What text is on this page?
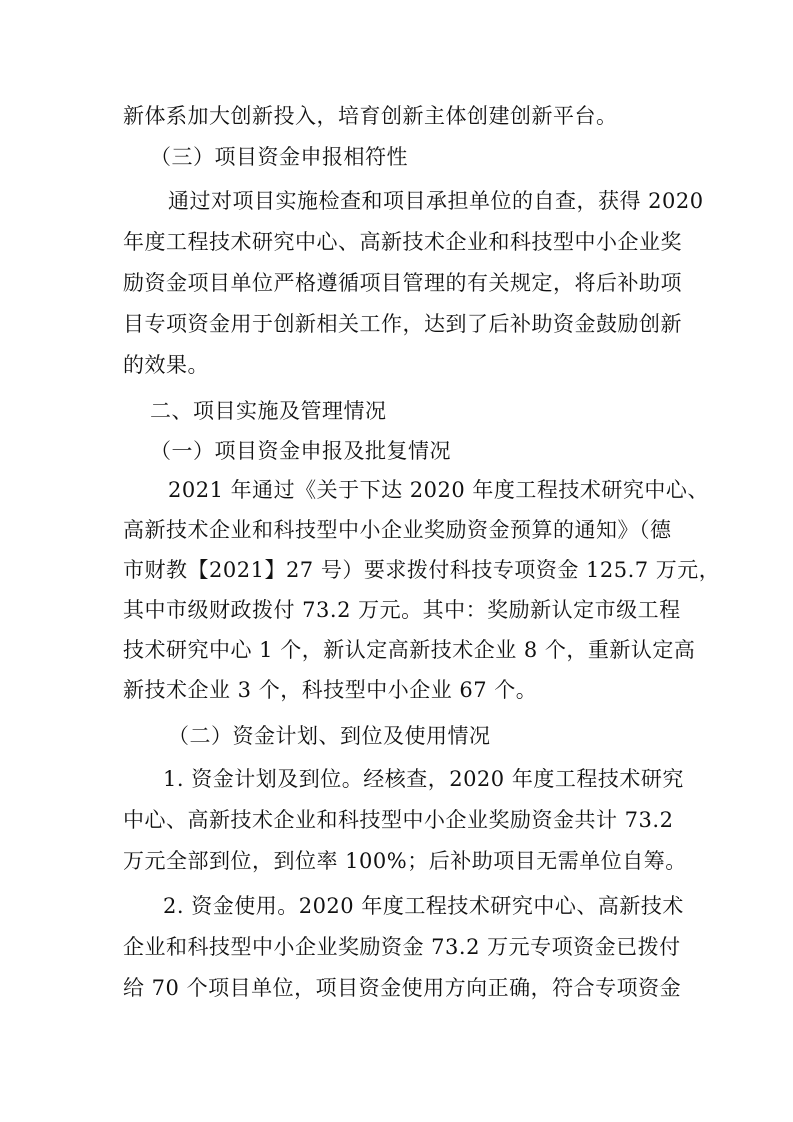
新体系加大创新投入，培育创新主体创建创新平台。
（三）项目资金申报相符性
通过对项目实施检查和项目承担单位的自查，获得 2020
年度工程技术研究中心、高新技术企业和科技型中小企业奖
励资金项目单位严格遵循项目管理的有关规定，将后补助项
目专项资金用于创新相关工作，达到了后补助资金鼓励创新
的效果。
二、项目实施及管理情况
（一）项目资金申报及批复情况
2021 年通过《关于下达 2020 年度工程技术研究中心、
高新技术企业和科技型中小企业奖励资金预算的通知》（德
市财教【2021】27 号）要求拨付科技专项资金 125.7 万元，
其中市级财政拨付 73.2 万元。其中：奖励新认定市级工程
技术研究中心 1 个，新认定高新技术企业 8 个，重新认定高
新技术企业 3 个，科技型中小企业 67 个。
（二）资金计划、到位及使用情况
1. 资金计划及到位。经核查，2020 年度工程技术研究
中心、高新技术企业和科技型中小企业奖励资金共计 73.2
万元全部到位，到位率 100%；后补助项目无需单位自筹。
2. 资金使用。2020 年度工程技术研究中心、高新技术
企业和科技型中小企业奖励资金 73.2 万元专项资金已拨付
给 70 个项目单位，项目资金使用方向正确，符合专项资金
